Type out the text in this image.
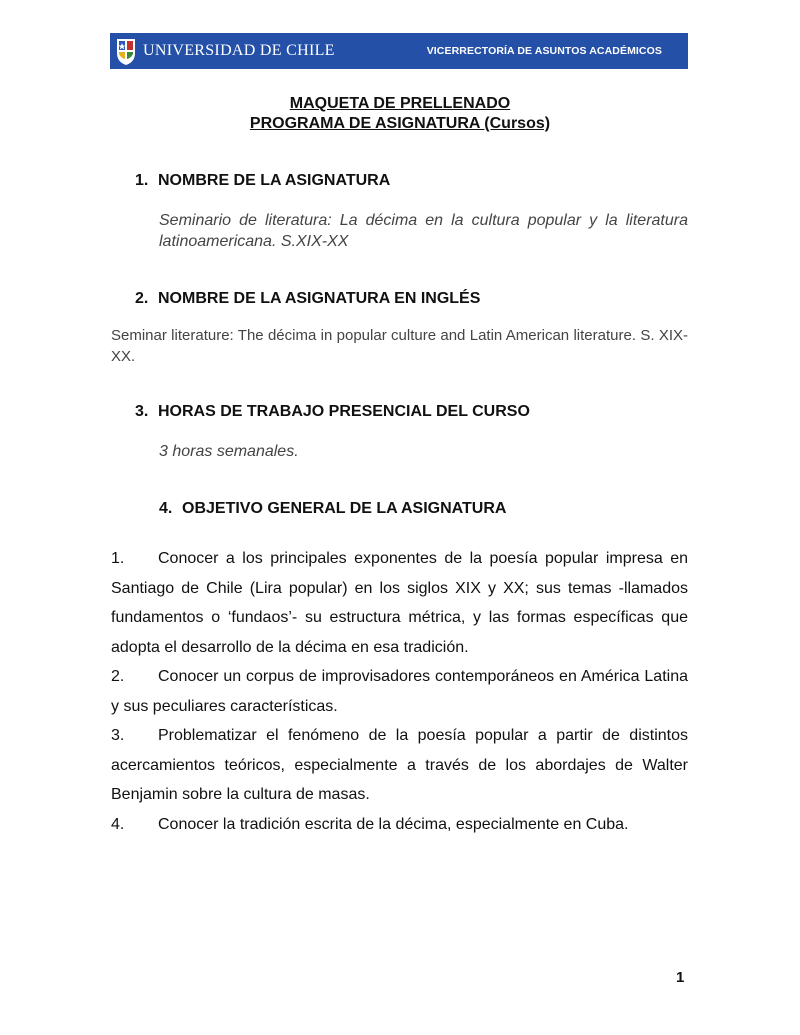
UNIVERSIDAD DE CHILE	VICERRECTORÍA DE ASUNTOS ACADÉMICOS
MAQUETA DE PRELLENADO
PROGRAMA DE ASIGNATURA (Cursos)
1. NOMBRE DE LA ASIGNATURA
Seminario de literatura: La décima en la cultura popular y la literatura latinoamericana. S.XIX-XX
2. NOMBRE DE LA ASIGNATURA EN INGLÉS
Seminar literature: The décima in popular culture and Latin American literature. S. XIX-XX.
3. HORAS DE TRABAJO PRESENCIAL DEL CURSO
3 horas semanales.
4. OBJETIVO GENERAL DE LA ASIGNATURA
1. Conocer a los principales exponentes de la poesía popular impresa en Santiago de Chile (Lira popular) en los siglos XIX y XX; sus temas -llamados fundamentos o ‘fundaos’- su estructura métrica, y las formas específicas que adopta el desarrollo de la décima en esa tradición.
2. Conocer un corpus de improvisadores contemporáneos en América Latina y sus peculiares características.
3. Problematizar el fenómeno de la poesía popular a partir de distintos acercamientos teóricos, especialmente a través de los abordajes de Walter Benjamin sobre la cultura de masas.
4. Conocer la tradición escrita de la décima, especialmente en Cuba.
1
